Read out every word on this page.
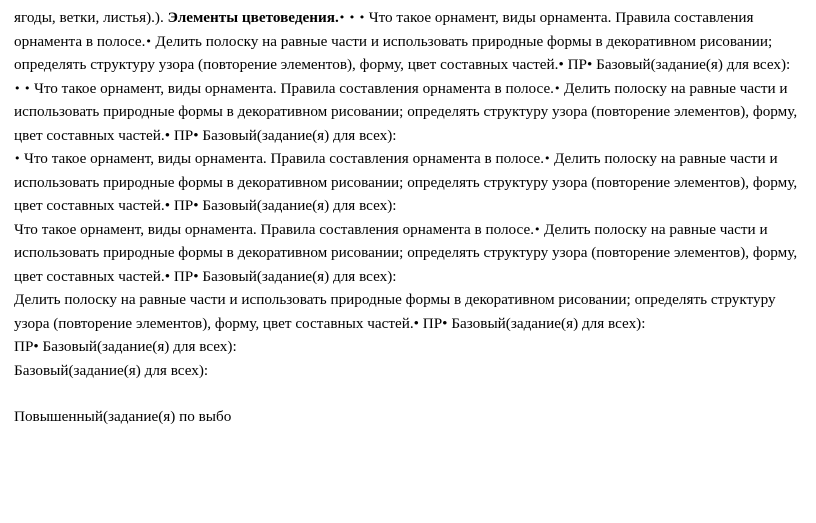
ягоды, ветки, листья).). Элементы цветоведения.• • • Что такое орнамент, виды орнамента. Правила составления орнамента в полосе.• Делить полоску на равные части и использовать природные формы в декоративном рисовании; определять структуру узора (повторение элементов), форму, цвет составных частей.• ПР• Базовый(задание(я) для всех):
• • Что такое орнамент, виды орнамента. Правила составления орнамента в полосе.• Делить полоску на равные части и использовать природные формы в декоративном рисовании; определять структуру узора (повторение элементов), форму, цвет составных частей.• ПР• Базовый(задание(я) для всех):
• Что такое орнамент, виды орнамента. Правила составления орнамента в полосе.• Делить полоску на равные части и использовать природные формы в декоративном рисовании; определять структуру узора (повторение элементов), форму, цвет составных частей.• ПР• Базовый(задание(я) для всех):
Что такое орнамент, виды орнамента. Правила составления орнамента в полосе.• Делить полоску на равные части и использовать природные формы в декоративном рисовании; определять структуру узора (повторение элементов), форму, цвет составных частей.• ПР• Базовый(задание(я) для всех):
Делить полоску на равные части и использовать природные формы в декоративном рисовании; определять структуру узора (повторение элементов), форму, цвет составных частей.• ПР• Базовый(задание(я) для всех):
ПР• Базовый(задание(я) для всех):
Базовый(задание(я) для всех):
Повышенный(задание(я) по выбо
